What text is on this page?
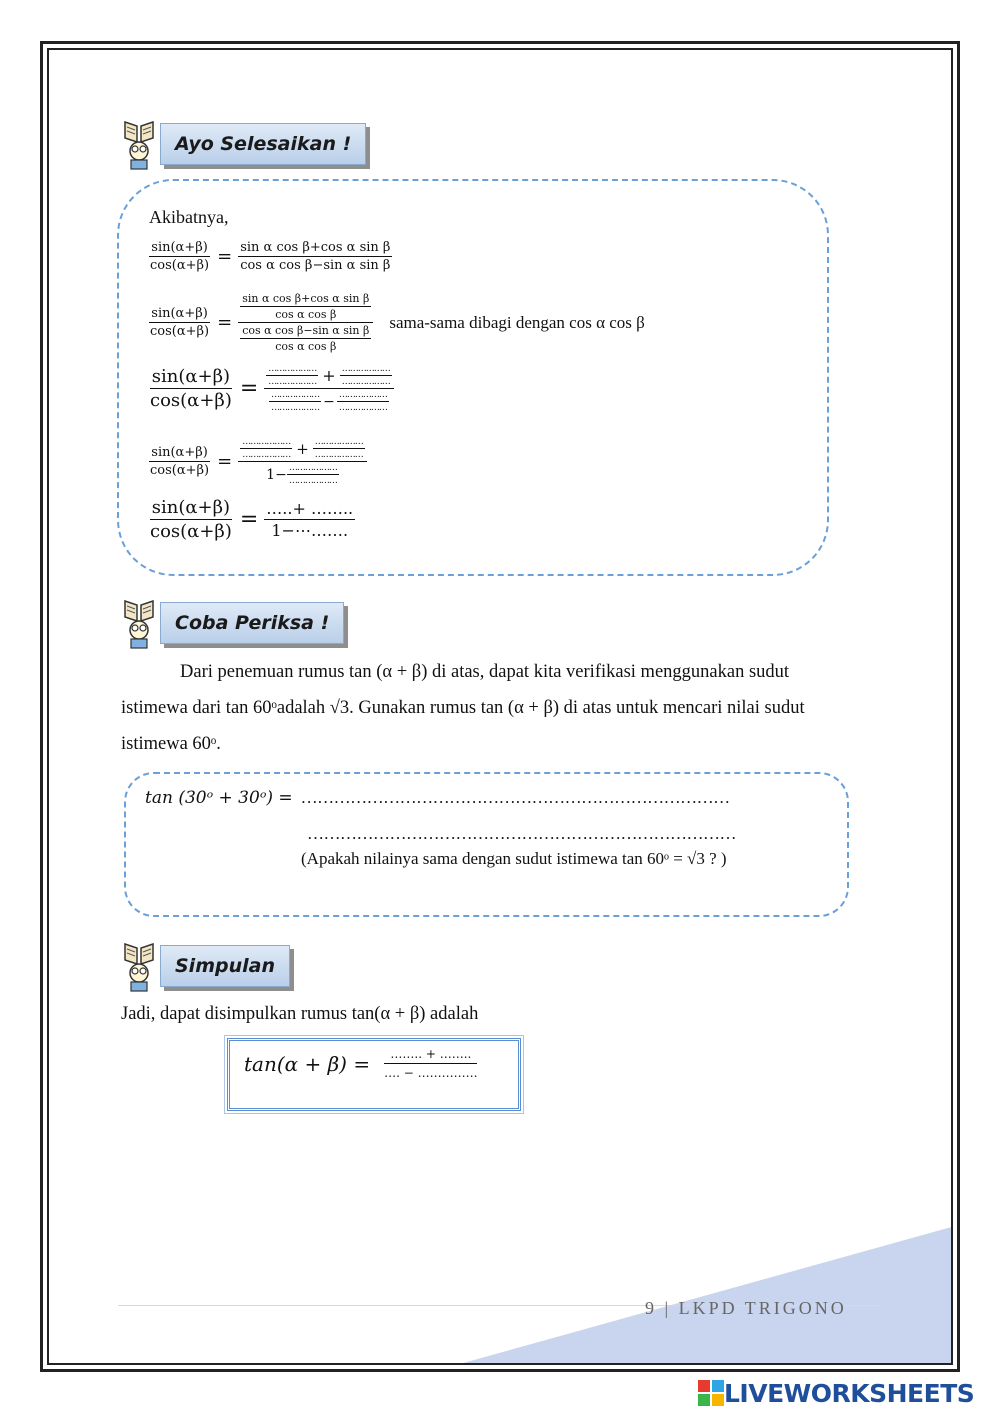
Ayo Selesaikan !
Akibatnya,
$\frac{\sin(\alpha+\beta)}{\cos(\alpha+\beta)} = \frac{\text{sin α cos β+cos α sin β}}{\text{cos α cos β−sin α sin β}}$
$\frac{\sin(\alpha+\beta)}{\cos(\alpha+\beta)} = \frac{\frac{\text{sin α cos β+cos α sin β}}{\text{cos α cos β}}}{\frac{\text{cos α cos β−sin α sin β}}{\text{cos α cos β}}}$ sama-sama dibagi dengan cos α cos β
$\frac{\sin(\alpha+\beta)}{\cos(\alpha+\beta)}$ =
$\frac{\dots\dots\dots\dots\dots\dots}{\dots\dots\dots\dots\dots\dots} + \frac{\dots\dots\dots\dots\dots\dots}{\dots\dots\dots\dots\dots\dots}$
$\frac{\dots\dots\dots\dots\dots\dots}{\dots\dots\dots\dots\dots\dots} - \frac{\dots\dots\dots\dots\dots\dots}{\dots\dots\dots\dots\dots\dots}$
$\frac{\sin(\alpha+\beta)}{\cos(\alpha+\beta)}$ =
$\frac{\dots\dots\dots\dots\dots\dots}{\dots\dots\dots\dots\dots\dots} + \frac{\dots\dots\dots\dots\dots\dots}{\dots\dots\dots\dots\dots\dots}$
$1- \frac{\dots\dots\dots\dots\dots\dots}{\dots\dots\dots\dots\dots\dots}$
$\frac{\sin(\alpha+\beta)}{\cos(\alpha+\beta)} = \frac{\dots..+ \dots\dots..}{1-\cdots\dots\dots.}$
Coba Periksa !
Dari penemuan rumus tan (α + β) di atas, dapat kita verifikasi menggunakan sudut
istimewa dari tan 60ᵒadalah √3. Gunakan rumus tan (α + β) di atas untuk mencari nilai sudut
istimewa 60ᵒ.
tan (30ᵒ + 30ᵒ) = ……………………………………………………………………
……………………………………………………………………
(Apakah nilainya sama dengan sudut istimewa tan 60ᵒ = √3 ? )
Simpulan
Jadi, dapat disimpulkan rumus tan(α + β) adalah
$\tan(\alpha + \beta) = \frac{\dots\dots.. + \dots\dots..}{\dots. - \dots\dots\dots\dots\dots}$
9 | LKPD TRIGONO
LIVEWORKSHEETS
